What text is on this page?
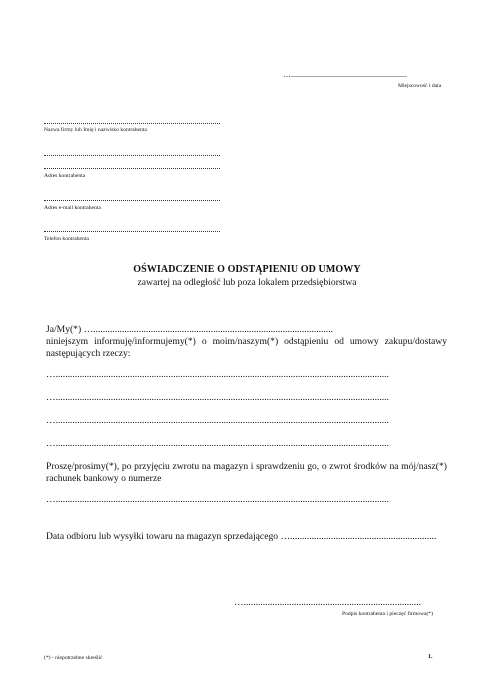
…..........................................................
Miejscowość i data
Nazwa firmy lub Imię i nazwisko kontrahenta
Adres kontrahenta
Adres e-mail kontrahenta
Telefon kontrahenta
OŚWIADCZENIE O ODSTĄPIENIU OD UMOWY
zawartej na odległość lub poza lokalem przedsiębiorstwa
Ja/My(*) …....................................................................................................
niniejszym informuję/informujemy(*) o moim/naszym(*) odstąpieniu od umowy zakupu/dostawy następujących rzeczy:
…...........................................................................................................................................
…...........................................................................................................................................
…...........................................................................................................................................
…...........................................................................................................................................
Proszę/prosimy(*), po przyjęciu zwrotu na magazyn i sprawdzeniu go, o zwrot środków na mój/nasz(*) rachunek bankowy o numerze
…...........................................................................................................................................
Data odbioru lub wysyłki towaru na magazyn sprzedającego ….............................................................
…..........................................................................
Podpis kontrahenta i pieczęć firmowa(*)
(*) - niepotrzebne skreślić	1.
